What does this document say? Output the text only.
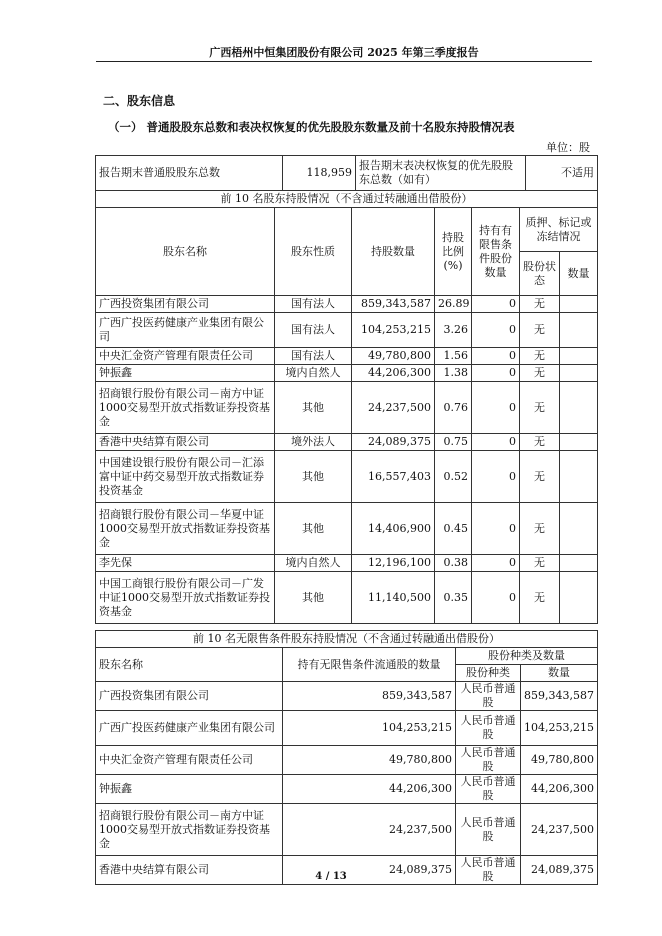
广西梧州中恒集团股份有限公司 2025 年第三季度报告
二、股东信息
（一） 普通股股东总数和表决权恢复的优先股股东数量及前十名股东持股情况表
单位：股
报告期末普通股股东总数	118,959	报告期末表决权恢复的优先股股东总数（如有）	不适用
前 10 名股东持股情况（不含通过转融通出借股份）						
股东名称	股东性质	持股数量	持股比例(%)	持有有限售条件股份数量	质押、标记或冻结情况	
					股份状态	数量
广西投资集团有限公司	国有法人	859,343,587	26.89	0	无	
广西广投医药健康产业集团有限公司	国有法人	104,253,215	3.26	0	无	
中央汇金资产管理有限责任公司	国有法人	49,780,800	1.56	0	无	
钟振鑫	境内自然人	44,206,300	1.38	0	无	
招商银行股份有限公司－南方中证1000交易型开放式指数证券投资基金	其他	24,237,500	0.76	0	无	
香港中央结算有限公司	境外法人	24,089,375	0.75	0	无	
中国建设银行股份有限公司－汇添富中证中药交易型开放式指数证券投资基金	其他	16,557,403	0.52	0	无	
招商银行股份有限公司－华夏中证1000交易型开放式指数证券投资基金	其他	14,406,900	0.45	0	无	
李先保	境内自然人	12,196,100	0.38	0	无	
中国工商银行股份有限公司－广发中证1000交易型开放式指数证券投资基金	其他	11,140,500	0.35	0	无	
前 10 名无限售条件股东持股情况（不含通过转融通出借股份）			
股东名称	持有无限售条件流通股的数量	股份种类及数量	
		股份种类	数量
广西投资集团有限公司	859,343,587	人民币普通股	859,343,587
广西广投医药健康产业集团有限公司	104,253,215	人民币普通股	104,253,215
中央汇金资产管理有限责任公司	49,780,800	人民币普通股	49,780,800
钟振鑫	44,206,300	人民币普通股	44,206,300
招商银行股份有限公司－南方中证1000交易型开放式指数证券投资基金	24,237,500	人民币普通股	24,237,500
香港中央结算有限公司	24,089,375	人民币普通股	24,089,375
4 / 13
